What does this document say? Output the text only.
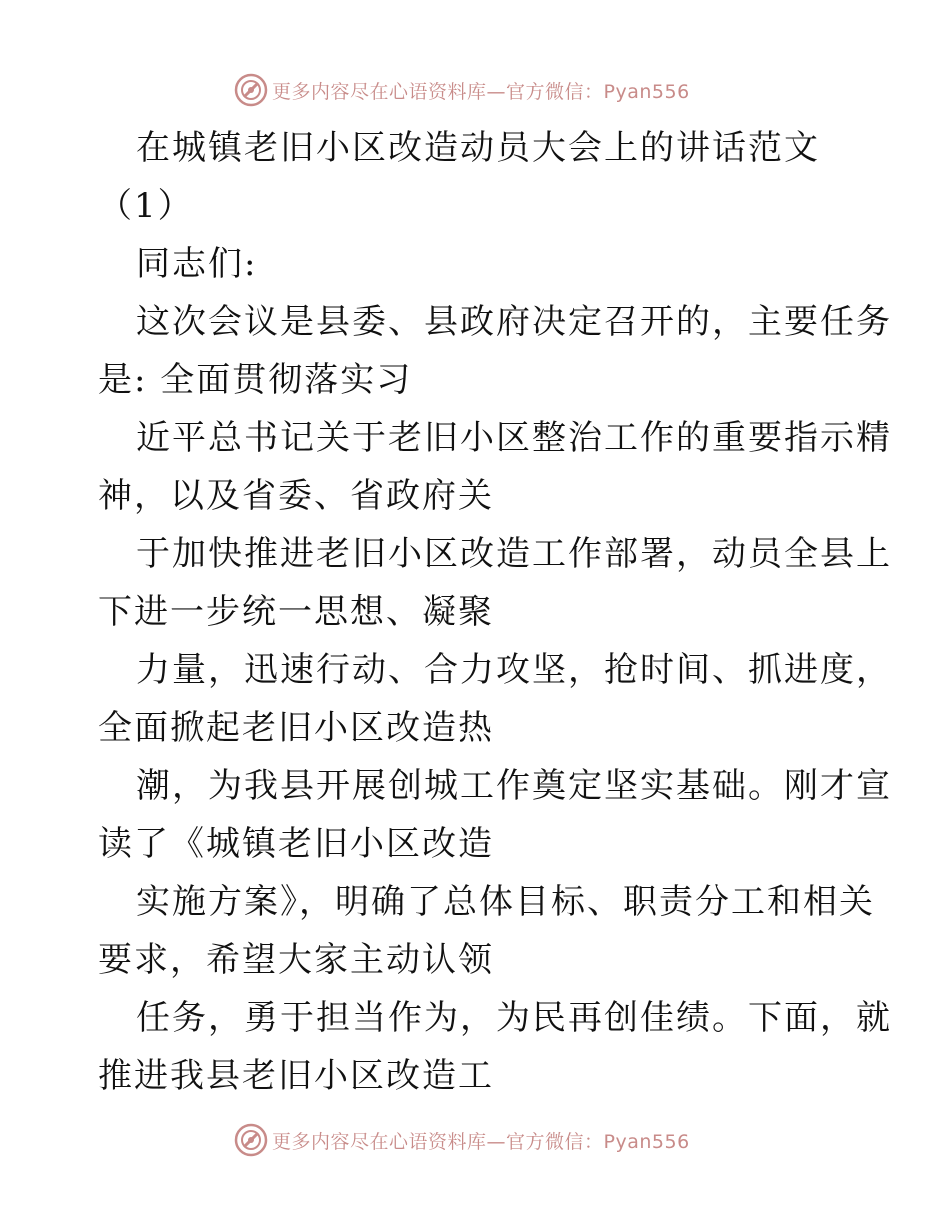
更多内容尽在心语资料库—官方微信：Pyan556
在城镇老旧小区改造动员大会上的讲话范文
（1）
同志们:
这次会议是县委、县政府决定召开的，主要任务
是: 全面贯彻落实习
近平总书记关于老旧小区整治工作的重要指示精
神，以及省委、省政府关
于加快推进老旧小区改造工作部署，动员全县上
下进一步统一思想、凝聚
力量，迅速行动、合力攻坚，抢时间、抓进度，
全面掀起老旧小区改造热
潮，为我县开展创城工作奠定坚实基础。刚才宣
读了《城镇老旧小区改造
实施方案》，明确了总体目标、职责分工和相关
要求，希望大家主动认领
任务，勇于担当作为，为民再创佳绩。下面，就
推进我县老旧小区改造工
更多内容尽在心语资料库—官方微信：Pyan556
